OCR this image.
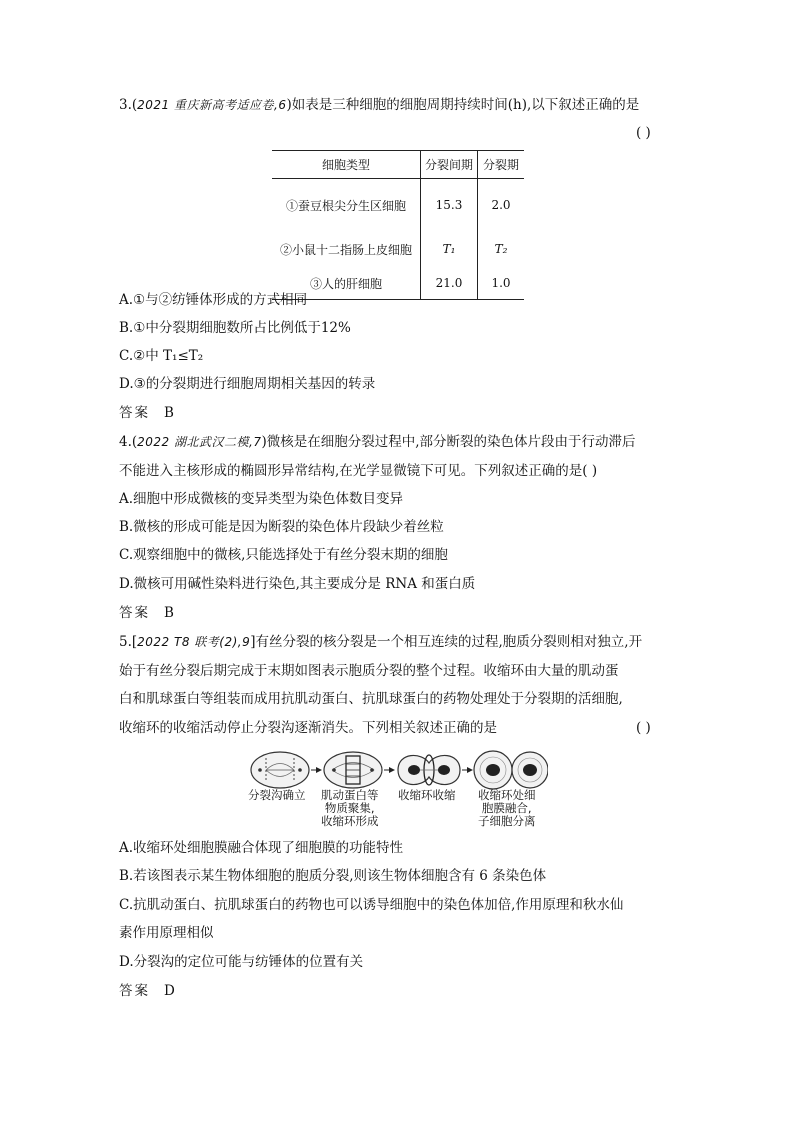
3.(2021 重庆新高考适应卷,6)如表是三种细胞的细胞周期持续时间(h),以下叙述正确的是
( )
细胞类型	分裂间期	分裂期
①蚕豆根尖分生区细胞	15.3	2.0
②小鼠十二指肠上皮细胞	T₁	T₂
③人的肝细胞	21.0	1.0
A.①与②纺锤体形成的方式相同
B.①中分裂期细胞数所占比例低于12%
C.②中 T₁≤T₂
D.③的分裂期进行细胞周期相关基因的转录
答案 B
4.(2022 湖北武汉二模,7)微核是在细胞分裂过程中,部分断裂的染色体片段由于行动滞后
不能进入主核形成的椭圆形异常结构,在光学显微镜下可见。下列叙述正确的是( )
A.细胞中形成微核的变异类型为染色体数目变异
B.微核的形成可能是因为断裂的染色体片段缺少着丝粒
C.观察细胞中的微核,只能选择处于有丝分裂末期的细胞
D.微核可用碱性染料进行染色,其主要成分是 RNA 和蛋白质
答案 B
5.[2022 T8 联考(2),9]有丝分裂的核分裂是一个相互连续的过程,胞质分裂则相对独立,开
始于有丝分裂后期完成于末期如图表示胞质分裂的整个过程。收缩环由大量的肌动蛋
白和肌球蛋白等组装而成用抗肌动蛋白、抗肌球蛋白的药物处理处于分裂期的活细胞,
收缩环的收缩活动停止分裂沟逐渐消失。下列相关叙述正确的是	( )
分裂沟确立 肌动蛋白等
物质聚集,
收缩环形成
收缩环收缩 收缩环处细
胞膜融合,
子细胞分离
A.收缩环处细胞膜融合体现了细胞膜的功能特性
B.若该图表示某生物体细胞的胞质分裂,则该生物体细胞含有 6 条染色体
C.抗肌动蛋白、抗肌球蛋白的药物也可以诱导细胞中的染色体加倍,作用原理和秋水仙
素作用原理相似
D.分裂沟的定位可能与纺锤体的位置有关
答案 D
